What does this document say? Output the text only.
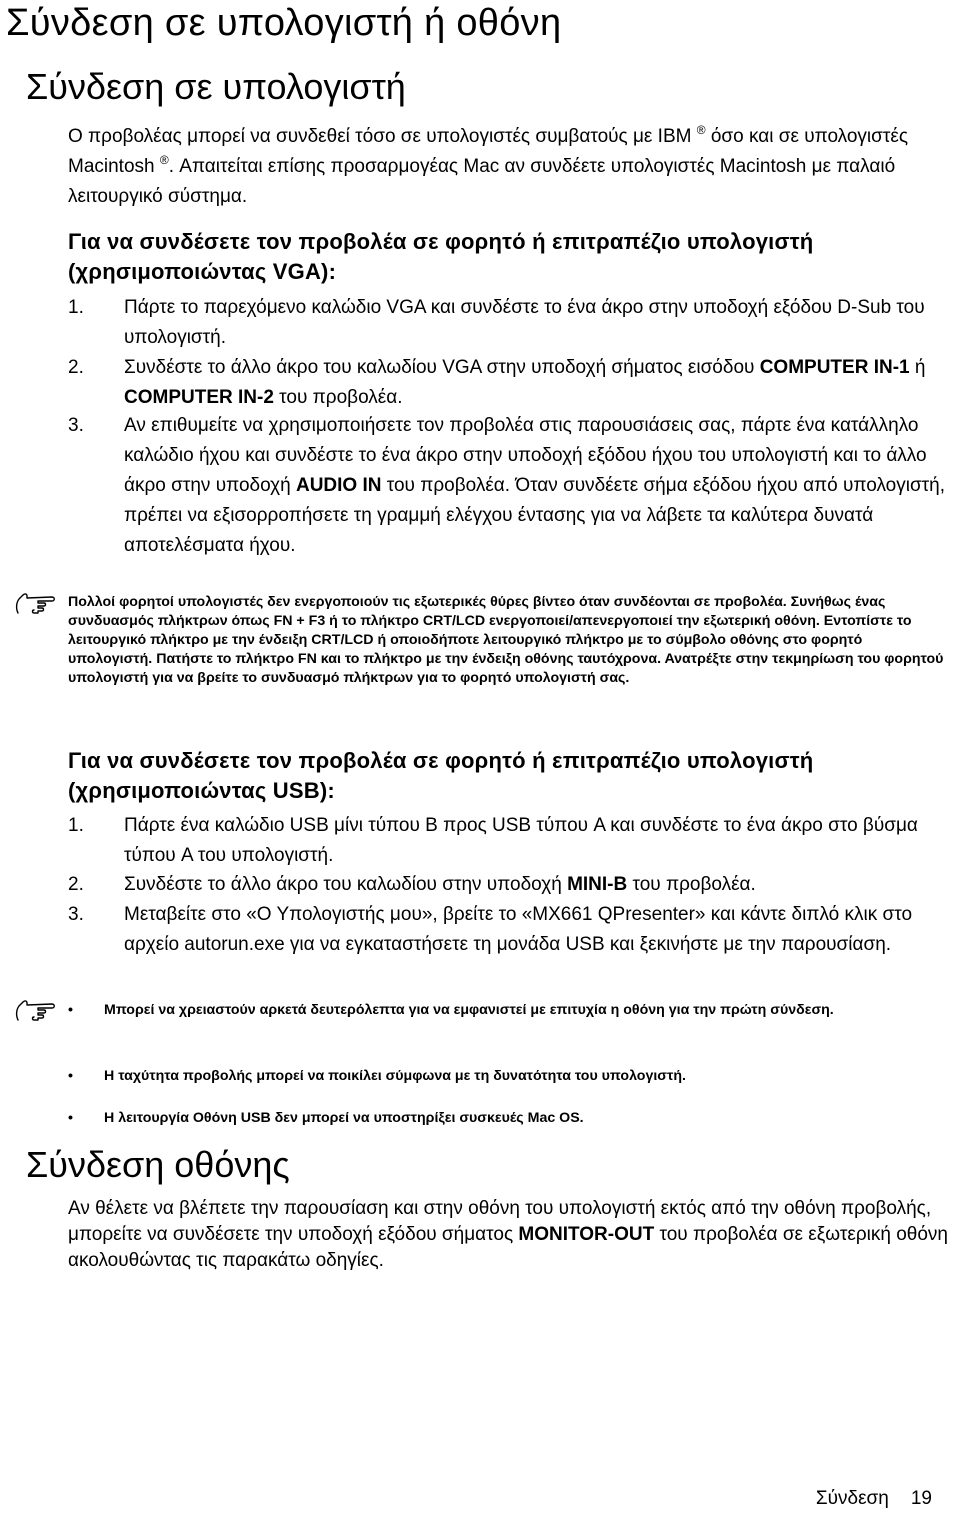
Σύνδεση σε υπολογιστή ή οθόνη
Σύνδεση σε υπολογιστή

Ο προβολέας μπορεί να συνδεθεί τόσο σε υπολογιστές συμβατούς με IBM ® όσο και σε υπολογιστές Macintosh ®. Απαιτείται επίσης προσαρμογέας Mac αν συνδέετε υπολογιστές Macintosh με παλαιό λειτουργικό σύστημα.

Για να συνδέσετε τον προβολέα σε φορητό ή επιτραπέζιο υπολογιστή (χρησιμοποιώντας VGA):
1. Πάρτε το παρεχόμενο καλώδιο VGA και συνδέστε το ένα άκρο στην υποδοχή εξόδου D-Sub του υπολογιστή.
2. Συνδέστε το άλλο άκρο του καλωδίου VGA στην υποδοχή σήματος εισόδου COMPUTER IN-1 ή COMPUTER IN-2 του προβολέα.
3. Αν επιθυμείτε να χρησιμοποιήσετε τον προβολέα στις παρουσιάσεις σας, πάρτε ένα κατάλληλο καλώδιο ήχου και συνδέστε το ένα άκρο στην υποδοχή εξόδου ήχου του υπολογιστή και το άλλο άκρο στην υποδοχή AUDIO IN του προβολέα. Όταν συνδέετε σήμα εξόδου ήχου από υπολογιστή, πρέπει να εξισορροπήσετε τη γραμμή ελέγχου έντασης για να λάβετε τα καλύτερα δυνατά αποτελέσματα ήχου.

Πολλοί φορητοί υπολογιστές δεν ενεργοποιούν τις εξωτερικές θύρες βίντεο όταν συνδέονται σε προβολέα. Συνήθως ένας συνδυασμός πλήκτρων όπως FN + F3 ή το πλήκτρο CRT/LCD ενεργοποιεί/απενεργοποιεί την εξωτερική οθόνη. Εντοπίστε το λειτουργικό πλήκτρο με την ένδειξη CRT/LCD ή οποιοδήποτε λειτουργικό πλήκτρο με το σύμβολο οθόνης στο φορητό υπολογιστή. Πατήστε το πλήκτρο FN και το πλήκτρο με την ένδειξη οθόνης ταυτόχρονα. Ανατρέξτε στην τεκμηρίωση του φορητού υπολογιστή για να βρείτε το συνδυασμό πλήκτρων για το φορητό υπολογιστή σας.

Για να συνδέσετε τον προβολέα σε φορητό ή επιτραπέζιο υπολογιστή (χρησιμοποιώντας USB):
1. Πάρτε ένα καλώδιο USB μίνι τύπου B προς USB τύπου A και συνδέστε το ένα άκρο στο βύσμα τύπου A του υπολογιστή.
2. Συνδέστε το άλλο άκρο του καλωδίου στην υποδοχή MINI-B του προβολέα.
3. Μεταβείτε στο «Ο Υπολογιστής μου», βρείτε το «MX661 QPresenter» και κάντε διπλό κλικ στο αρχείο autorun.exe για να εγκαταστήσετε τη μονάδα USB και ξεκινήστε με την παρουσίαση.
• Μπορεί να χρειαστούν αρκετά δευτερόλεπτα για να εμφανιστεί με επιτυχία η οθόνη για την πρώτη σύνδεση.
• Η ταχύτητα προβολής μπορεί να ποικίλει σύμφωνα με τη δυνατότητα του υπολογιστή.
• Η λειτουργία Οθόνη USB δεν μπορεί να υποστηρίξει συσκευές Mac OS.
Σύνδεση οθόνης

Αν θέλετε να βλέπετε την παρουσίαση και στην οθόνη του υπολογιστή εκτός από την οθόνη προβολής, μπορείτε να συνδέσετε την υποδοχή εξόδου σήματος MONITOR-OUT του προβολέα σε εξωτερική οθόνη ακολουθώντας τις παρακάτω οδηγίες.

Σύνδεση 19
